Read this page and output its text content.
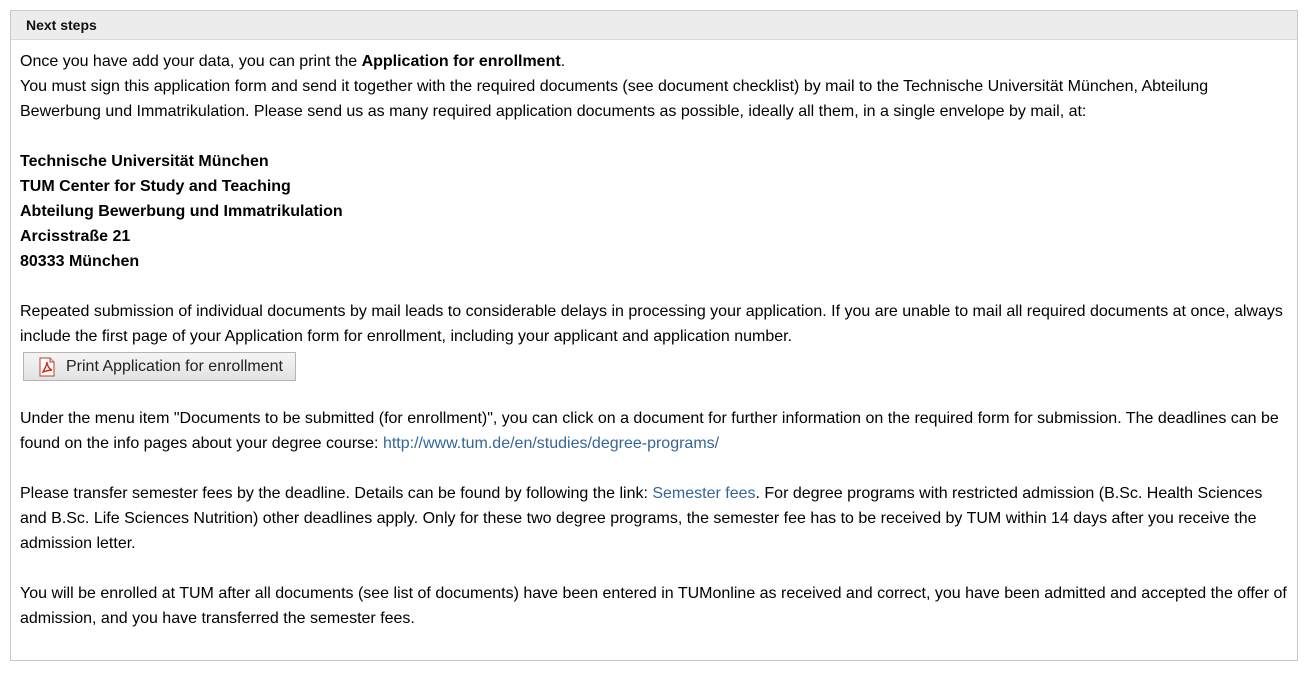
Next steps

Once you have add your data, you can print the Application for enrollment.
You must sign this application form and send it together with the required documents (see document checklist) by mail to the Technische Universität München, Abteilung Bewerbung und Immatrikulation. Please send us as many required application documents as possible, ideally all them, in a single envelope by mail, at:

Technische Universität München
TUM Center for Study and Teaching
Abteilung Bewerbung und Immatrikulation
Arcisstraße 21
80333 München

Repeated submission of individual documents by mail leads to considerable delays in processing your application. If you are unable to mail all required documents at once, always include the first page of your Application form for enrollment, including your applicant and application number.

Print Application for enrollment

Under the menu item "Documents to be submitted (for enrollment)", you can click on a document for further information on the required form for submission. The deadlines can be found on the info pages about your degree course: http://www.tum.de/en/studies/degree-programs/

Please transfer semester fees by the deadline. Details can be found by following the link: Semester fees. For degree programs with restricted admission (B.Sc. Health Sciences and B.Sc. Life Sciences Nutrition) other deadlines apply. Only for these two degree programs, the semester fee has to be received by TUM within 14 days after you receive the admission letter.

You will be enrolled at TUM after all documents (see list of documents) have been entered in TUMonline as received and correct, you have been admitted and accepted the offer of admission, and you have transferred the semester fees.
